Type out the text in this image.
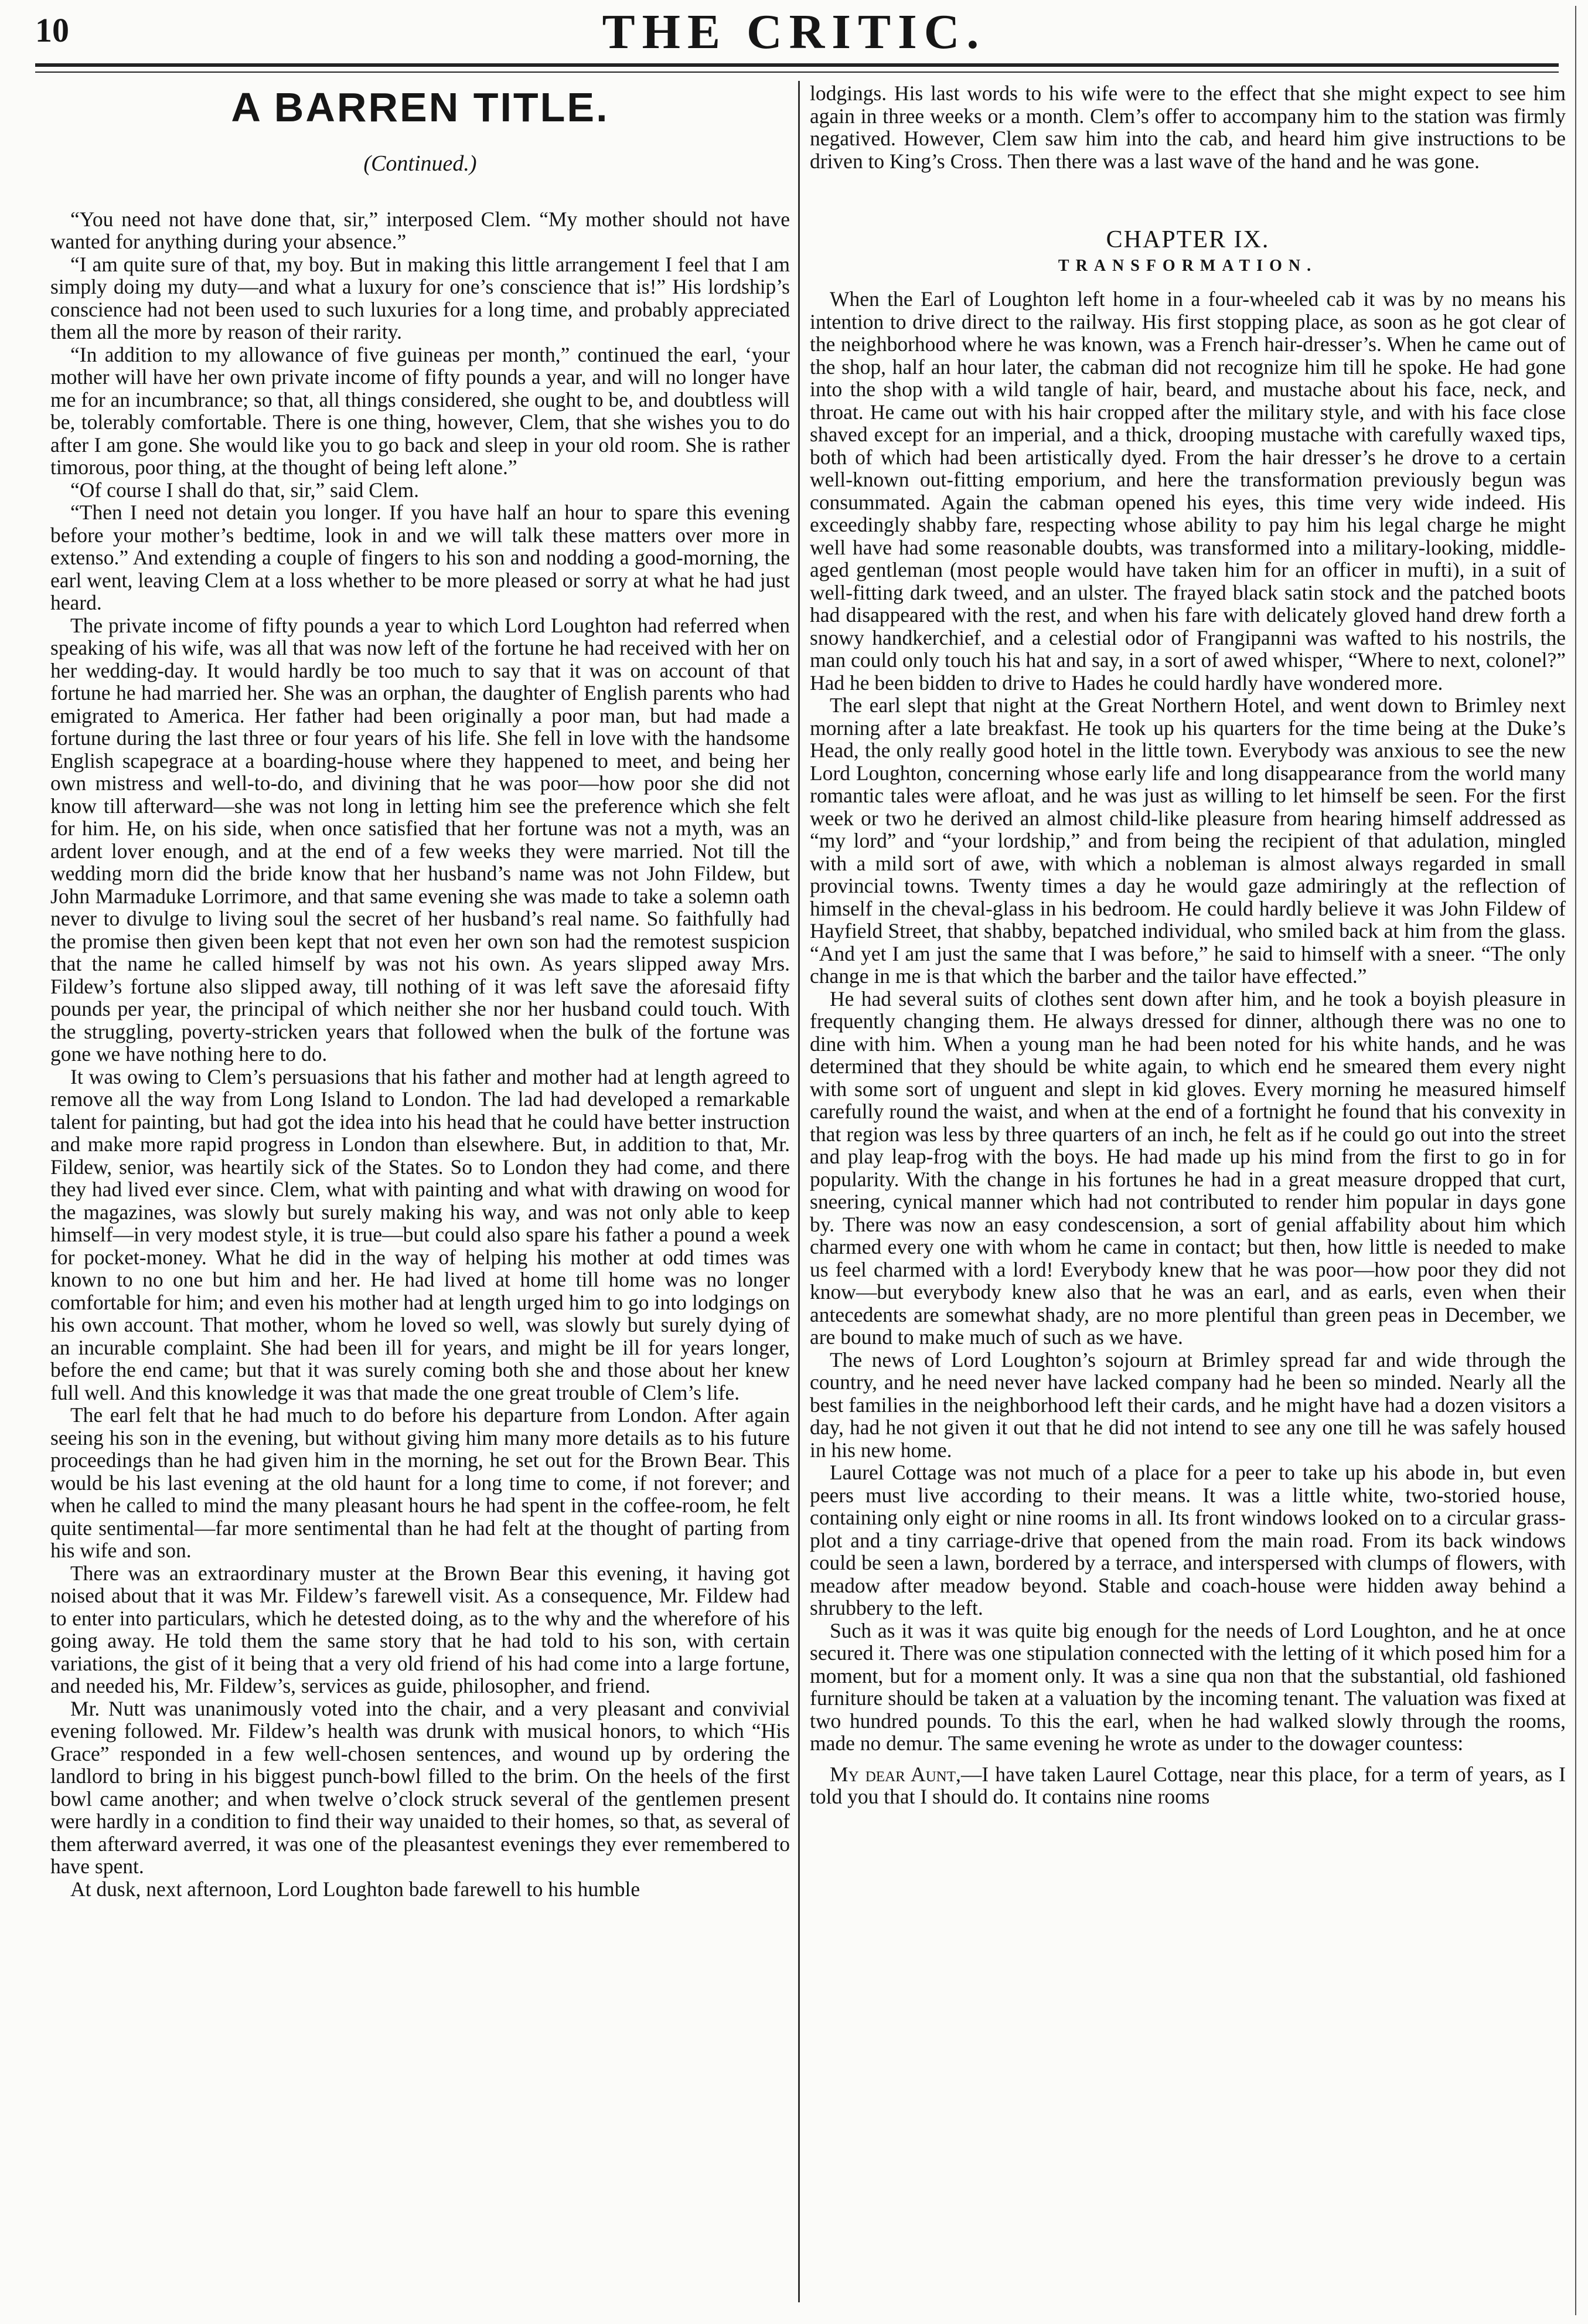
10	THE CRITIC.
A BARREN TITLE.
(Continued.)

“You need not have done that, sir,” interposed Clem. “My mother should not have wanted for anything during your absence.”

“I am quite sure of that, my boy. But in making this little arrangement I feel that I am simply doing my duty—and what a luxury for one’s conscience that is!” His lordship’s conscience had not been used to such luxuries for a long time, and probably appreciated them all the more by reason of their rarity.

“In addition to my allowance of five guineas per month,” continued the earl, ‘your mother will have her own private income of fifty pounds a year, and will no longer have me for an incumbrance; so that, all things considered, she ought to be, and doubtless will be, tolerably comfortable. There is one thing, however, Clem, that she wishes you to do after I am gone. She would like you to go back and sleep in your old room. She is rather timorous, poor thing, at the thought of being left alone.”

“Of course I shall do that, sir,” said Clem.

“Then I need not detain you longer. If you have half an hour to spare this evening before your mother’s bedtime, look in and we will talk these matters over more in extenso.” And extending a couple of fingers to his son and nodding a good-morning, the earl went, leaving Clem at a loss whether to be more pleased or sorry at what he had just heard.

The private income of fifty pounds a year to which Lord Loughton had referred when speaking of his wife, was all that was now left of the fortune he had received with her on her wedding-day. It would hardly be too much to say that it was on account of that fortune he had married her. She was an orphan, the daughter of English parents who had emigrated to America. Her father had been originally a poor man, but had made a fortune during the last three or four years of his life. She fell in love with the handsome English scapegrace at a boarding-house where they happened to meet, and being her own mistress and well-to-do, and divining that he was poor—how poor she did not know till afterward—she was not long in letting him see the preference which she felt for him. He, on his side, when once satisfied that her fortune was not a myth, was an ardent lover enough, and at the end of a few weeks they were married. Not till the wedding morn did the bride know that her husband’s name was not John Fildew, but John Marmaduke Lorrimore, and that same evening she was made to take a solemn oath never to divulge to living soul the secret of her husband’s real name. So faithfully had the promise then given been kept that not even her own son had the remotest suspicion that the name he called himself by was not his own. As years slipped away Mrs. Fildew’s fortune also slipped away, till nothing of it was left save the aforesaid fifty pounds per year, the principal of which neither she nor her husband could touch. With the struggling, poverty-stricken years that followed when the bulk of the fortune was gone we have nothing here to do.

It was owing to Clem’s persuasions that his father and mother had at length agreed to remove all the way from Long Island to London. The lad had developed a remarkable talent for painting, but had got the idea into his head that he could have better instruction and make more rapid progress in London than elsewhere. But, in addition to that, Mr. Fildew, senior, was heartily sick of the States. So to London they had come, and there they had lived ever since. Clem, what with painting and what with drawing on wood for the magazines, was slowly but surely making his way, and was not only able to keep himself—in very modest style, it is true—but could also spare his father a pound a week for pocket-money. What he did in the way of helping his mother at odd times was known to no one but him and her. He had lived at home till home was no longer comfortable for him; and even his mother had at length urged him to go into lodgings on his own account. That mother, whom he loved so well, was slowly but surely dying of an incurable complaint. She had been ill for years, and might be ill for years longer, before the end came; but that it was surely coming both she and those about her knew full well. And this knowledge it was that made the one great trouble of Clem’s life.

The earl felt that he had much to do before his departure from London. After again seeing his son in the evening, but without giving him many more details as to his future proceedings than he had given him in the morning, he set out for the Brown Bear. This would be his last evening at the old haunt for a long time to come, if not forever; and when he called to mind the many pleasant hours he had spent in the coffee-room, he felt quite sentimental—far more sentimental than he had felt at the thought of parting from his wife and son.

There was an extraordinary muster at the Brown Bear this evening, it having got noised about that it was Mr. Fildew’s farewell visit. As a consequence, Mr. Fildew had to enter into particulars, which he detested doing, as to the why and the wherefore of his going away. He told them the same story that he had told to his son, with certain variations, the gist of it being that a very old friend of his had come into a large fortune, and needed his, Mr. Fildew’s, services as guide, philosopher, and friend.

Mr. Nutt was unanimously voted into the chair, and a very pleasant and convivial evening followed. Mr. Fildew’s health was drunk with musical honors, to which “His Grace” responded in a few well-chosen sentences, and wound up by ordering the landlord to bring in his biggest punch-bowl filled to the brim. On the heels of the first bowl came another; and when twelve o’clock struck several of the gentlemen present were hardly in a condition to find their way unaided to their homes, so that, as several of them afterward averred, it was one of the pleasantest evenings they ever remembered to have spent.

At dusk, next afternoon, Lord Loughton bade farewell to his humble

lodgings. His last words to his wife were to the effect that she might expect to see him again in three weeks or a month. Clem’s offer to accompany him to the station was firmly negatived. However, Clem saw him into the cab, and heard him give instructions to be driven to King’s Cross. Then there was a last wave of the hand and he was gone.

CHAPTER IX.
TRANSFORMATION.

When the Earl of Loughton left home in a four-wheeled cab it was by no means his intention to drive direct to the railway. His first stopping place, as soon as he got clear of the neighborhood where he was known, was a French hair-dresser’s. When he came out of the shop, half an hour later, the cabman did not recognize him till he spoke. He had gone into the shop with a wild tangle of hair, beard, and mustache about his face, neck, and throat. He came out with his hair cropped after the military style, and with his face close shaved except for an imperial, and a thick, drooping mustache with carefully waxed tips, both of which had been artistically dyed. From the hair dresser’s he drove to a certain well-known out-fitting emporium, and here the transformation previously begun was consummated. Again the cabman opened his eyes, this time very wide indeed. His exceedingly shabby fare, respecting whose ability to pay him his legal charge he might well have had some reasonable doubts, was transformed into a military-looking, middle-aged gentleman (most people would have taken him for an officer in mufti), in a suit of well-fitting dark tweed, and an ulster. The frayed black satin stock and the patched boots had disappeared with the rest, and when his fare with delicately gloved hand drew forth a snowy handkerchief, and a celestial odor of Frangipanni was wafted to his nostrils, the man could only touch his hat and say, in a sort of awed whisper, “Where to next, colonel?” Had he been bidden to drive to Hades he could hardly have wondered more.

The earl slept that night at the Great Northern Hotel, and went down to Brimley next morning after a late breakfast. He took up his quarters for the time being at the Duke’s Head, the only really good hotel in the little town. Everybody was anxious to see the new Lord Loughton, concerning whose early life and long disappearance from the world many romantic tales were afloat, and he was just as willing to let himself be seen. For the first week or two he derived an almost child-like pleasure from hearing himself addressed as “my lord” and “your lordship,” and from being the recipient of that adulation, mingled with a mild sort of awe, with which a nobleman is almost always regarded in small provincial towns. Twenty times a day he would gaze admiringly at the reflection of himself in the cheval-glass in his bedroom. He could hardly believe it was John Fildew of Hayfield Street, that shabby, bepatched individual, who smiled back at him from the glass. “And yet I am just the same that I was before,” he said to himself with a sneer. “The only change in me is that which the barber and the tailor have effected.”

He had several suits of clothes sent down after him, and he took a boyish pleasure in frequently changing them. He always dressed for dinner, although there was no one to dine with him. When a young man he had been noted for his white hands, and he was determined that they should be white again, to which end he smeared them every night with some sort of unguent and slept in kid gloves. Every morning he measured himself carefully round the waist, and when at the end of a fortnight he found that his convexity in that region was less by three quarters of an inch, he felt as if he could go out into the street and play leap-frog with the boys. He had made up his mind from the first to go in for popularity. With the change in his fortunes he had in a great measure dropped that curt, sneering, cynical manner which had not contributed to render him popular in days gone by. There was now an easy condescension, a sort of genial affability about him which charmed every one with whom he came in contact; but then, how little is needed to make us feel charmed with a lord! Everybody knew that he was poor—how poor they did not know—but everybody knew also that he was an earl, and as earls, even when their antecedents are somewhat shady, are no more plentiful than green peas in December, we are bound to make much of such as we have.

The news of Lord Loughton’s sojourn at Brimley spread far and wide through the country, and he need never have lacked company had he been so minded. Nearly all the best families in the neighborhood left their cards, and he might have had a dozen visitors a day, had he not given it out that he did not intend to see any one till he was safely housed in his new home.

Laurel Cottage was not much of a place for a peer to take up his abode in, but even peers must live according to their means. It was a little white, two-storied house, containing only eight or nine rooms in all. Its front windows looked on to a circular grass-plot and a tiny carriage-drive that opened from the main road. From its back windows could be seen a lawn, bordered by a terrace, and interspersed with clumps of flowers, with meadow after meadow beyond. Stable and coach-house were hidden away behind a shrubbery to the left.

Such as it was it was quite big enough for the needs of Lord Loughton, and he at once secured it. There was one stipulation connected with the letting of it which posed him for a moment, but for a moment only. It was a sine qua non that the substantial, old fashioned furniture should be taken at a valuation by the incoming tenant. The valuation was fixed at two hundred pounds. To this the earl, when he had walked slowly through the rooms, made no demur. The same evening he wrote as under to the dowager countess:

My dear Aunt,—I have taken Laurel Cottage, near this place, for a term of years, as I told you that I should do. It contains nine rooms
